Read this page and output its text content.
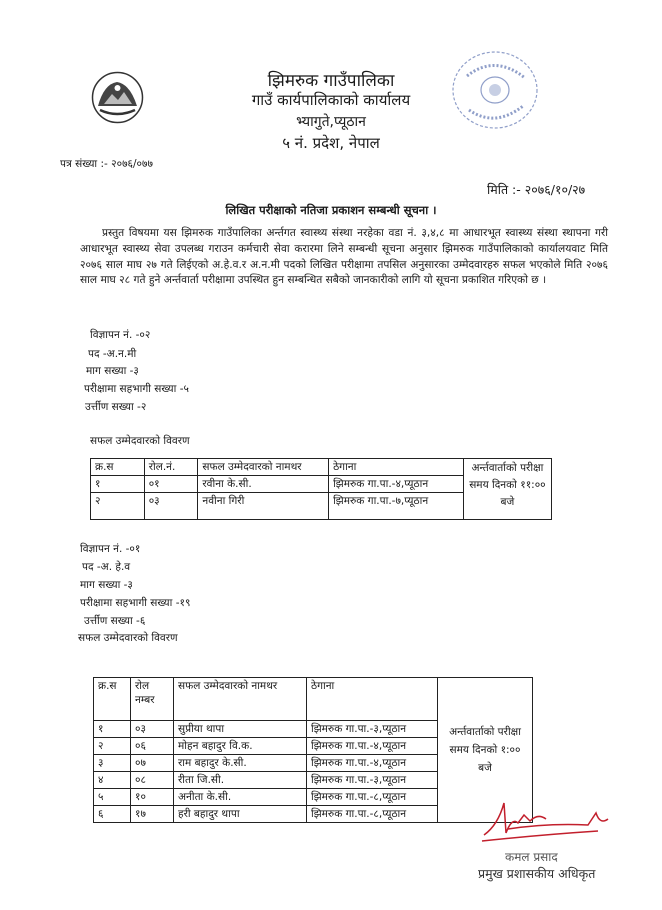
झिमरुक गाउँपालिका
गाउँ कार्यपालिकाको कार्यालय
भ्यागुते,प्यूठान
५ नं. प्रदेश, नेपाल
पत्र संख्या :- २०७६/०७७
मिति :- २०७६/१०/२७
लिखित परीक्षाको नतिजा प्रकाशन सम्बन्धी सूचना ।
प्रस्तुत विषयमा यस झिमरुक गाउँपालिका अर्न्तगत स्वास्थ्य संस्था नरहेका वडा नं. ३,४,८ मा आधारभूत स्वास्थ्य संस्था स्थापना गरी आधारभूत स्वास्थ्य सेवा उपलब्ध गराउन कर्मचारी सेवा करारमा लिने सम्बन्धी सूचना अनुसार झिमरुक गाउँपालिकाको कार्यालयवाट मिति २०७६ साल माघ २७ गते लिईएको अ.हे.व.र अ.न.मी पदको लिखित परीक्षामा तपसिल अनुसारका उम्मेदवारहरु सफल भएकोले मिति २०७६ साल माघ २८ गते हुने अर्न्तवार्ता परीक्षामा उपस्थित हुन सम्बन्धित सबैको जानकारीको लागि यो सूचना प्रकाशित गरिएको छ ।
विज्ञापन नं. -०२
पद -अ.न.मी
माग सख्या -३
परीक्षामा सहभागी सख्या -५
उर्त्तीण सख्या -२
सफल उम्मेदवारको विवरण
क्र.स	रोल.नं.	सफल उम्मेदवारको नामथर	ठेगाना	अर्न्तवार्ताको परीक्षा समय दिनको ११:०० बजे
१	०१	रवीना के.सी.	झिमरुक गा.पा.-४,प्यूठान	
२	०३	नवीना गिरी	झिमरुक गा.पा.-७,प्यूठान	
विज्ञापन नं. -०१
पद -अ. हे.व
माग सख्या -३
परीक्षामा सहभागी सख्या -१९
उर्त्तीण सख्या -६
सफल उम्मेदवारको विवरण
क्र.स	रोल नम्बर	सफल उम्मेदवारको नामथर	ठेगाना	अर्न्तवार्ताको परीक्षा समय दिनको १:०० बजे
१	०३	सुप्रीया थापा	झिमरुक गा.पा.-३,प्यूठान	
२	०६	मोहन बहादुर वि.क.	झिमरुक गा.पा.-४,प्यूठान	
३	०७	राम बहादुर के.सी.	झिमरुक गा.पा.-४,प्यूठान	
४	०८	रीता जि.सी.	झिमरुक गा.पा.-३,प्यूठान	
५	१०	अनीता के.सी.	झिमरुक गा.पा.-८,प्यूठान	
६	१७	हरी बहादुर थापा	झिमरुक गा.पा.-८,प्यूठान	
कमल प्रसाद
प्रमुख प्रशासकीय अधिकृत
